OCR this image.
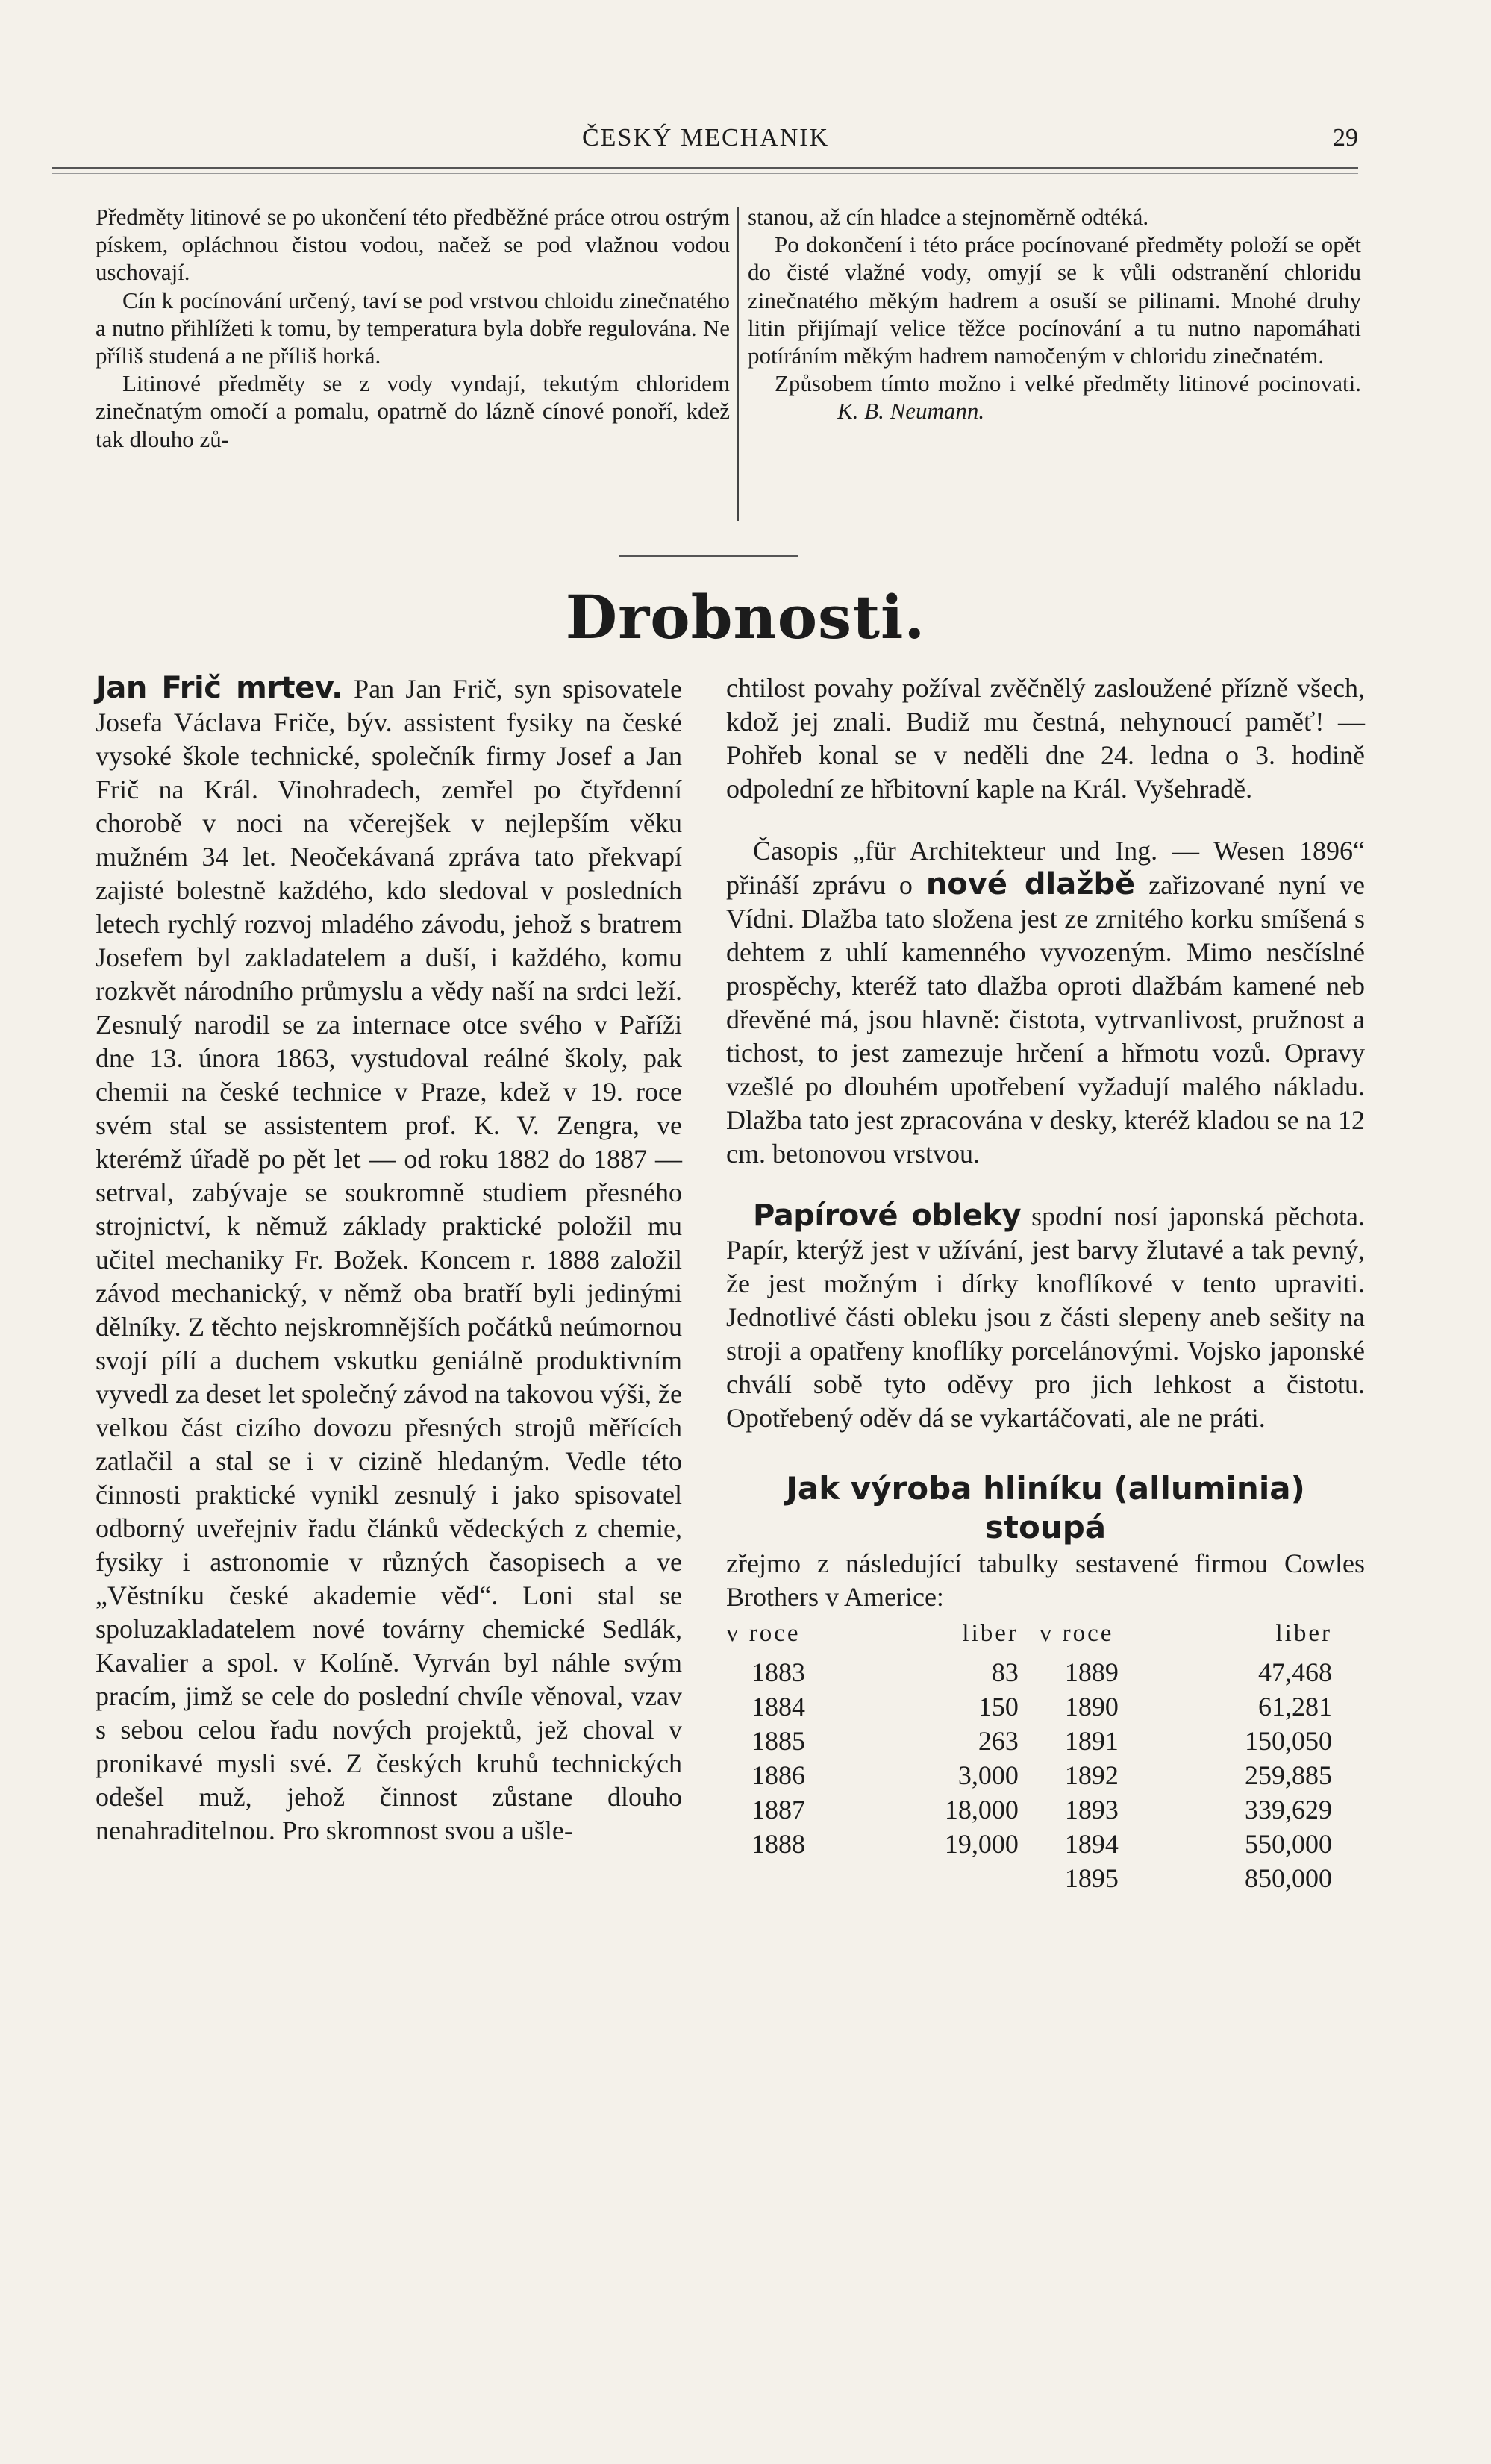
ČESKÝ MECHANIK	29

Předměty litinové se po ukončení této předběžné práce otrou ostrým pískem, opláchnou čistou vodou, načež se pod vlažnou vodou uschovají.

Cín k pocínování určený, taví se pod vrstvou chloidu zinečnatého a nutno přihlížeti k tomu, by temperatura byla dobře regulována. Ne příliš studená a ne příliš horká.

Litinové předměty se z vody vyndají, tekutým chloridem zinečnatým omočí a pomalu, opatrně do lázně cínové ponoří, kdež tak dlouho zů-

stanou, až cín hladce a stejnoměrně odtéká.

Po dokončení i této práce pocínované předměty položí se opět do čisté vlažné vody, omyjí se k vůli odstranění chloridu zinečnatého měkým hadrem a osuší se pilinami. Mnohé druhy litin přijímají velice těžce pocínování a tu nutno napomáhati potíráním měkým hadrem namočeným v chloridu zinečnatém.

Způsobem tímto možno i velké předměty litinové pocinovati. K. B. Neumann.

Drobnosti.

Jan Frič mrtev. Pan Jan Frič, syn spisovatele Josefa Václava Friče, býv. assistent fysiky na české vysoké škole technické, společník firmy Josef a Jan Frič na Král. Vinohradech, zemřel po čtyřdenní chorobě v noci na včerejšek v nejlepším věku mužném 34 let. Neočekávaná zpráva tato překvapí zajisté bolestně každého, kdo sledoval v posledních letech rychlý rozvoj mladého závodu, jehož s bratrem Josefem byl zakladatelem a duší, i každého, komu rozkvět národního průmyslu a vědy naší na srdci leží. Zesnulý narodil se za internace otce svého v Paříži dne 13. února 1863, vystudoval reálné školy, pak chemii na české technice v Praze, kdež v 19. roce svém stal se assistentem prof. K. V. Zengra, ve kterémž úřadě po pět let — od roku 1882 do 1887 — setrval, zabývaje se soukromně studiem přesného strojnictví, k němuž základy praktické položil mu učitel mechaniky Fr. Božek. Koncem r. 1888 založil závod mechanický, v němž oba bratří byli jedinými dělníky. Z těchto nejskromnějších počátků neúmornou svojí pílí a duchem vskutku geniálně produktivním vyvedl za deset let společný závod na takovou výši, že velkou část cizího dovozu přesných strojů měřících zatlačil a stal se i v cizině hledaným. Vedle této činnosti praktické vynikl zesnulý i jako spisovatel odborný uveřejniv řadu článků vědeckých z chemie, fysiky i astronomie v různých časopisech a ve „Věstníku české akademie věd“. Loni stal se spoluzakladatelem nové továrny chemické Sedlák, Kavalier a spol. v Kolíně. Vyrván byl náhle svým pracím, jimž se cele do poslední chvíle věnoval, vzav s sebou celou řadu nových projektů, jež choval v pronikavé mysli své. Z českých kruhů technických odešel muž, jehož činnost zůstane dlouho nenahraditelnou. Pro skromnost svou a ušle-

chtilost povahy požíval zvěčnělý zasloužené přízně všech, kdož jej znali. Budiž mu čestná, nehynoucí paměť! — Pohřeb konal se v neděli dne 24. ledna o 3. hodině odpolední ze hřbitovní kaple na Král. Vyšehradě.

Časopis „für Architekteur und Ing. — Wesen 1896“ přináší zprávu o nové dlažbě zařizované nyní ve Vídni. Dlažba tato složena jest ze zrnitého korku smíšená s dehtem z uhlí kamenného vyvozeným. Mimo nesčíslné prospěchy, kteréž tato dlažba oproti dlažbám kamené neb dřevěné má, jsou hlavně: čistota, vytrvanlivost, pružnost a tichost, to jest zamezuje hrčení a hřmotu vozů. Opravy vzešlé po dlouhém upotřebení vyžadují malého nákladu. Dlažba tato jest zpracována v desky, kteréž kladou se na 12 cm. betonovou vrstvou.

Papírové obleky spodní nosí japonská pěchota. Papír, kterýž jest v užívání, jest barvy žlutavé a tak pevný, že jest možným i dírky knoflíkové v tento upraviti. Jednotlivé části obleku jsou z části slepeny aneb sešity na stroji a opatřeny knoflíky porcelánovými. Vojsko japonské chválí sobě tyto oděvy pro jich lehkost a čistotu. Opotřebený oděv dá se vykartáčovati, ale ne práti.

Jak výroba hliníku (alluminia) stoupá

zřejmo z následující tabulky sestavené firmou Cowles Brothers v Americe:

v roce	liber	v roce	liber
1883	83	1889	47,468
1884	150	1890	61,281
1885	263	1891	150,050
1886	3,000	1892	259,885
1887	18,000	1893	339,629
1888	19,000	1894	550,000
		1895	850,000
